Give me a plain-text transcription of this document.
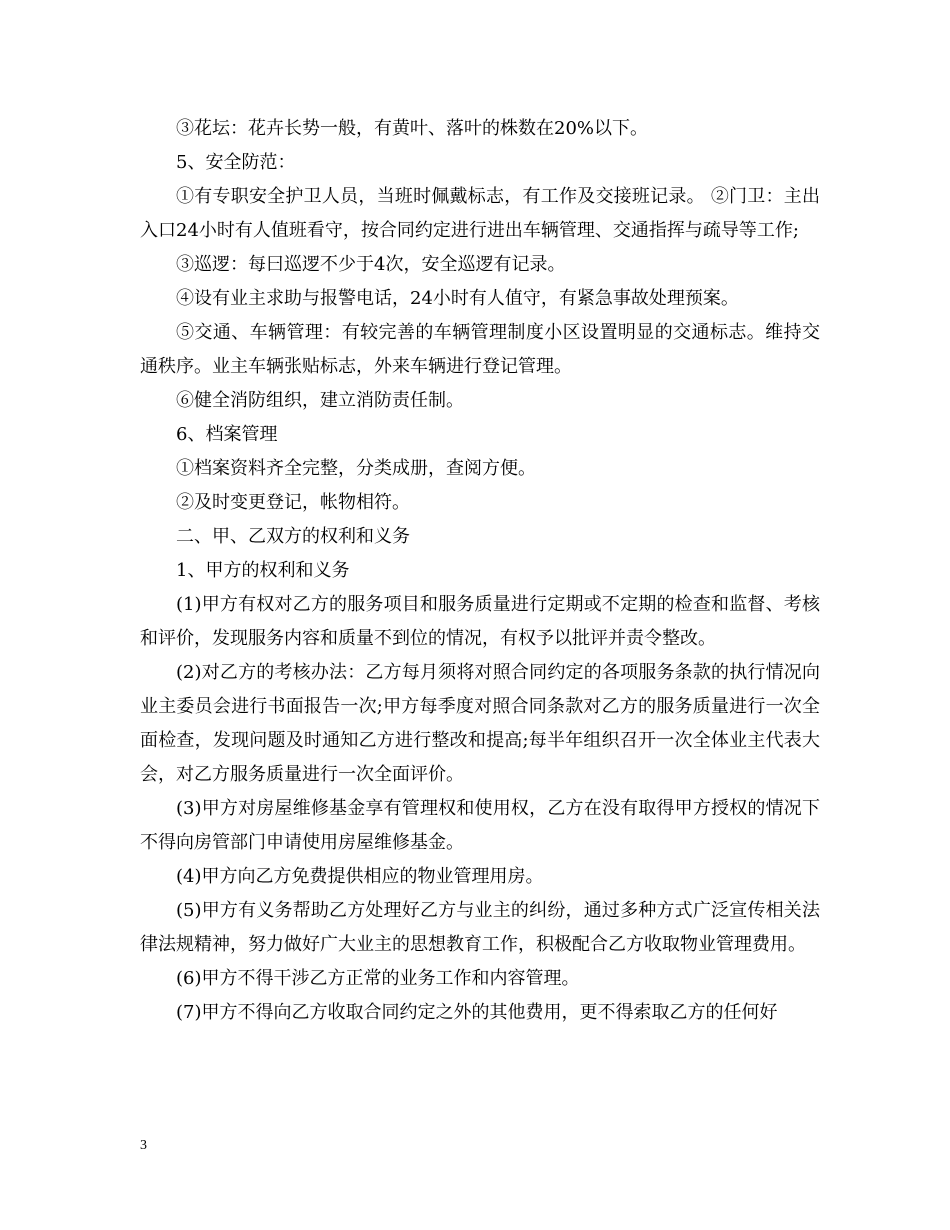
③花坛：花卉长势一般，有黄叶、落叶的株数在20%以下。

5、安全防范：

①有专职安全护卫人员，当班时佩戴标志，有工作及交接班记录。 ②门卫：主出入口24小时有人值班看守，按合同约定进行进出车辆管理、交通指挥与疏导等工作;

③巡逻：每曰巡逻不少于4次，安全巡逻有记录。

④设有业主求助与报警电话，24小时有人值守，有紧急事故处理预案。

⑤交通、车辆管理：有较完善的车辆管理制度小区设置明显的交通标志。维持交通秩序。业主车辆张贴标志，外来车辆进行登记管理。

⑥健全消防组织，建立消防责任制。

6、档案管理

①档案资料齐全完整，分类成册，查阅方便。

②及时变更登记，帐物相符。

二、甲、乙双方的权利和义务

1、甲方的权利和义务

(1)甲方有权对乙方的服务项目和服务质量进行定期或不定期的检查和监督、考核和评价，发现服务内容和质量不到位的情况，有权予以批评并责令整改。

(2)对乙方的考核办法：乙方每月须将对照合同约定的各项服务条款的执行情况向业主委员会进行书面报告一次;甲方每季度对照合同条款对乙方的服务质量进行一次全面检查，发现问题及时通知乙方进行整改和提高;每半年组织召开一次全体业主代表大会，对乙方服务质量进行一次全面评价。

(3)甲方对房屋维修基金享有管理权和使用权，乙方在没有取得甲方授权的情况下不得向房管部门申请使用房屋维修基金。

(4)甲方向乙方免费提供相应的物业管理用房。

(5)甲方有义务帮助乙方处理好乙方与业主的纠纷，通过多种方式广泛宣传相关法律法规精神，努力做好广大业主的思想教育工作，积极配合乙方收取物业管理费用。

(6)甲方不得干涉乙方正常的业务工作和内容管理。

(7)甲方不得向乙方收取合同约定之外的其他费用，更不得索取乙方的任何好

3
